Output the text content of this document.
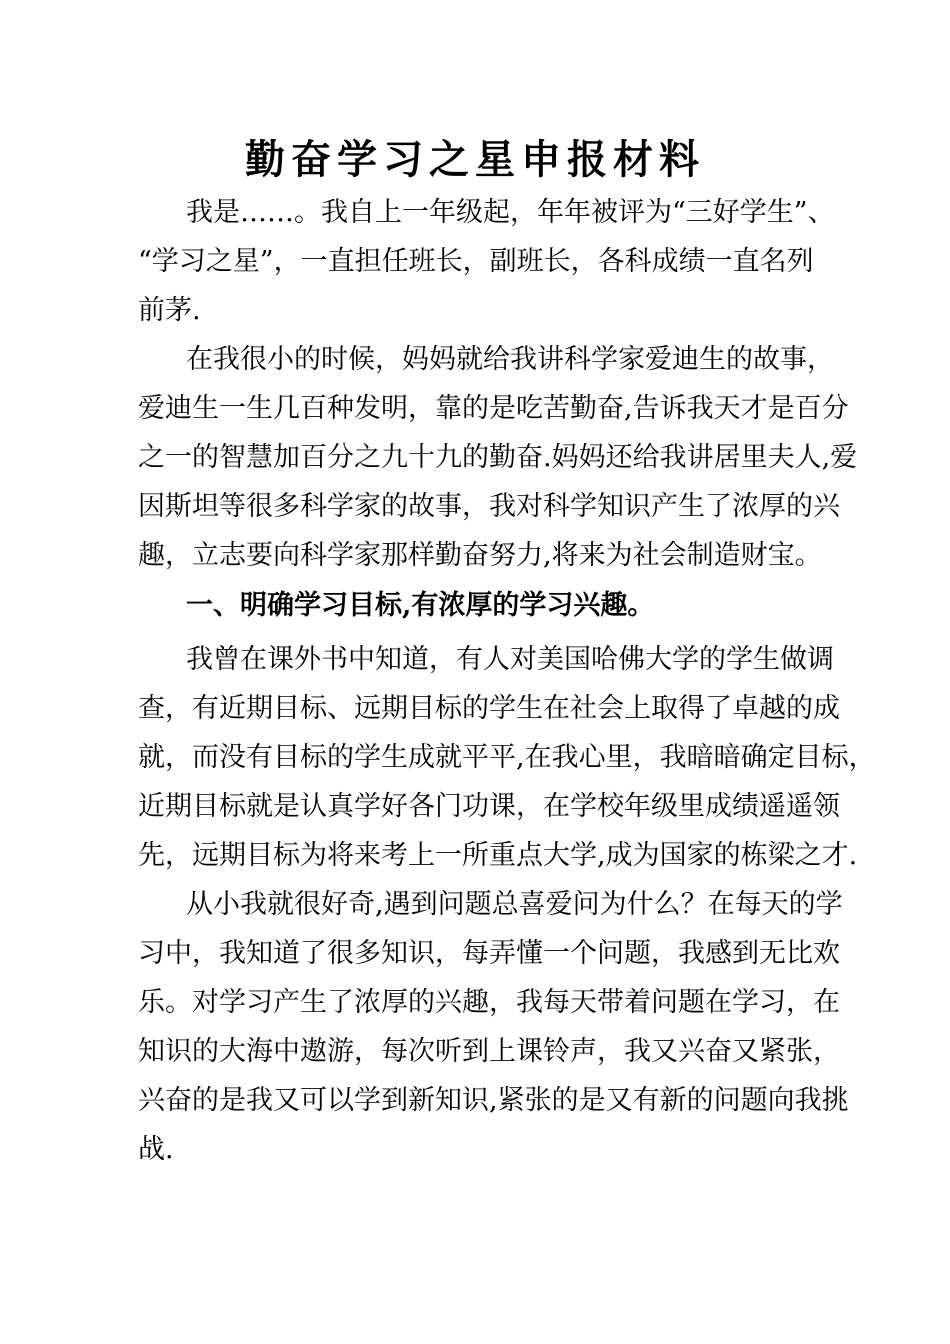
勤奋学习之星申报材料
我是……。我自上一年级起，年年被评为“三好学生”、
“学习之星”，一直担任班长，副班长，各科成绩一直名列
前茅.
在我很小的时候，妈妈就给我讲科学家爱迪生的故事，
爱迪生一生几百种发明，靠的是吃苦勤奋,告诉我天才是百分
之一的智慧加百分之九十九的勤奋.妈妈还给我讲居里夫人,爱
因斯坦等很多科学家的故事，我对科学知识产生了浓厚的兴
趣，立志要向科学家那样勤奋努力,将来为社会制造财宝。
一、明确学习目标,有浓厚的学习兴趣。
我曾在课外书中知道，有人对美国哈佛大学的学生做调
查，有近期目标、远期目标的学生在社会上取得了卓越的成
就，而没有目标的学生成就平平,在我心里，我暗暗确定目标，
近期目标就是认真学好各门功课，在学校年级里成绩遥遥领
先，远期目标为将来考上一所重点大学,成为国家的栋梁之才.
从小我就很好奇,遇到问题总喜爱问为什么？在每天的学
习中，我知道了很多知识，每弄懂一个问题，我感到无比欢
乐。对学习产生了浓厚的兴趣，我每天带着问题在学习，在
知识的大海中遨游，每次听到上课铃声，我又兴奋又紧张，
兴奋的是我又可以学到新知识,紧张的是又有新的问题向我挑
战.
